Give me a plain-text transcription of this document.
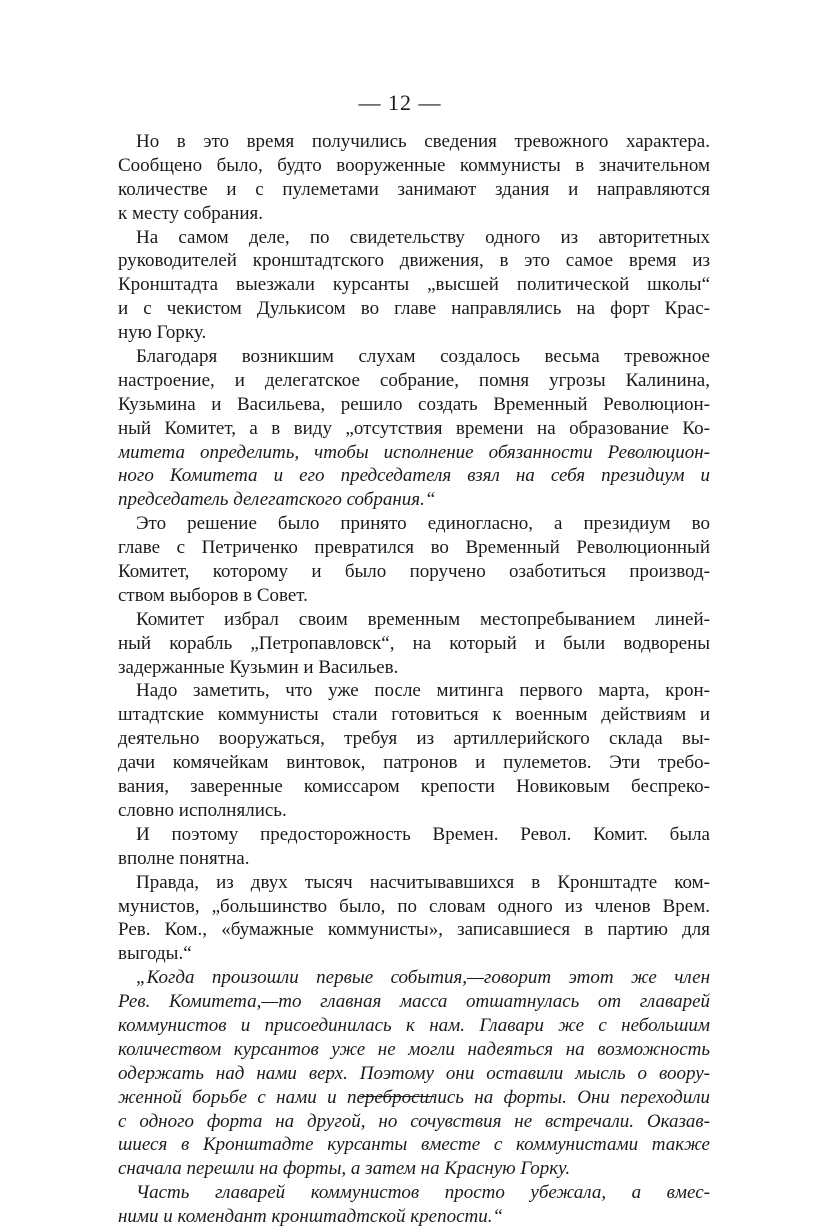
— 12 —
Но в это время получились сведения тревожного характера.
Сообщено было, будто вооруженные коммунисты в значительном
количестве и с пулеметами занимают здания и направляются
к месту собрания.
На самом деле, по свидетельству одного из авторитетных
руководителей кронштадтского движения, в это самое время из
Кронштадта выезжали курсанты „высшей политической школы“
и с чекистом Дулькисом во главе направлялись на форт Крас-
ную Горку.
Благодаря возникшим слухам создалось весьма тревожное
настроение, и делегатское собрание, помня угрозы Калинина,
Кузьмина и Васильева, решило создать Временный Революцион-
ный Комитет, а в виду „отсутствия времени на образование Ко-
митета определить, чтобы исполнение обязанности Революцион-
ного Комитета и его председателя взял на себя президиум и
председатель делегатского собрания.“
Это решение было принято единогласно, а президиум во
главе с Петриченко превратился во Временный Революционный
Комитет, которому и было поручено озаботиться производ-
ством выборов в Совет.
Комитет избрал своим временным местопребыванием линей-
ный корабль „Петропавловск“, на который и были водворены
задержанные Кузьмин и Васильев.
Надо заметить, что уже после митинга первого марта, крон-
штадтские коммунисты стали готовиться к военным действиям и
деятельно вооружаться, требуя из артиллерийского склада вы-
дачи комячейкам винтовок, патронов и пулеметов. Эти требо-
вания, заверенные комиссаром крепости Новиковым беспреко-
словно исполнялись.
И поэтому предосторожность Времен. Револ. Комит. была
вполне понятна.
Правда, из двух тысяч насчитывавшихся в Кронштадте ком-
мунистов, „большинство было, по словам одного из членов Врем.
Рев. Ком., «бумажные коммунисты», записавшиеся в партию для
выгоды.“
„Когда произошли первые события,—говорит этот же член
Рев. Комитета,—то главная масса отшатнулась от главарей
коммунистов и присоединилась к нам. Главари же с небольшим
количеством курсантов уже не могли надеяться на возможность
одержать над нами верх. Поэтому они оставили мысль о воору-
женной борьбе с нами и перебросились на форты. Они переходили
с одного форта на другой, но сочувствия не встречали. Оказав-
шиеся в Кронштадте курсанты вместе с коммунистами также
сначала перешли на форты, а затем на Красную Горку.
Часть главарей коммунистов просто убежала, а вмес-
ними и комендант кронштадтской крепости.“
